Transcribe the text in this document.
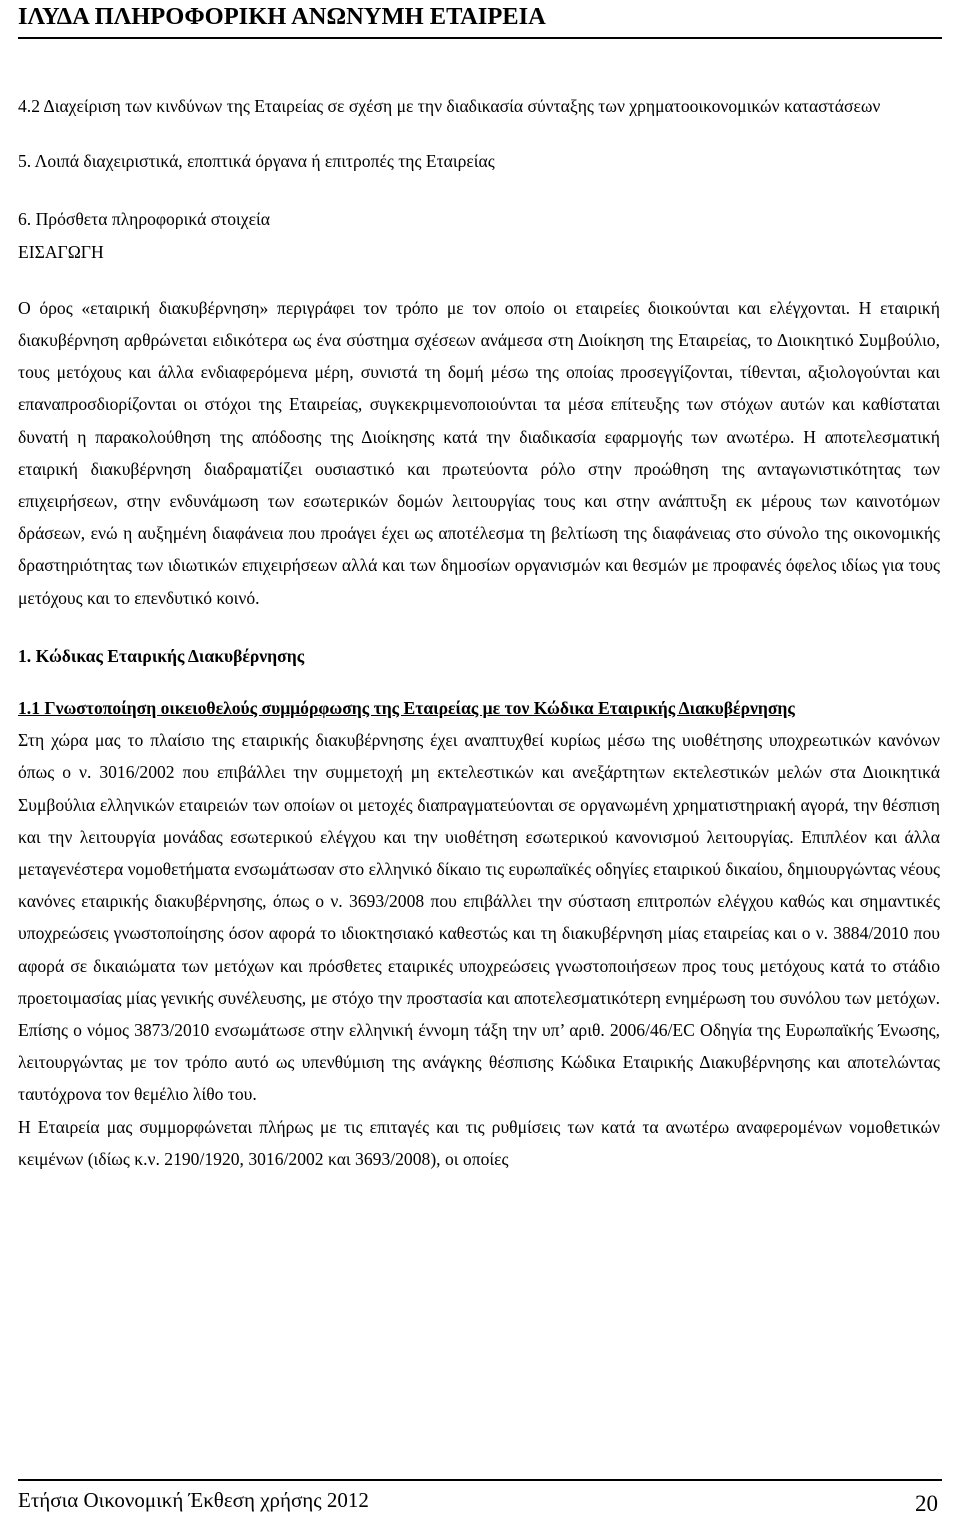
ΙΛΥΔΑ ΠΛΗΡΟΦΟΡΙΚΗ ΑΝΩΝΥΜΗ ΕΤΑΙΡΕΙΑ

4.2 Διαχείριση των κινδύνων της Εταιρείας σε σχέση με την διαδικασία σύνταξης των χρηματοοικονομικών καταστάσεων

5. Λοιπά διαχειριστικά, εποπτικά όργανα ή επιτροπές της Εταιρείας

6. Πρόσθετα πληροφορικά στοιχεία

ΕΙΣΑΓΩΓΗ

Ο όρος «εταιρική διακυβέρνηση» περιγράφει τον τρόπο με τον οποίο οι εταιρείες διοικούνται και ελέγχονται. Η εταιρική διακυβέρνηση αρθρώνεται ειδικότερα ως ένα σύστημα σχέσεων ανάμεσα στη Διοίκηση της Εταιρείας, το Διοικητικό Συμβούλιο, τους μετόχους και άλλα ενδιαφερόμενα μέρη, συνιστά τη δομή μέσω της οποίας προσεγγίζονται, τίθενται, αξιολογούνται και επαναπροσδιορίζονται οι στόχοι της Εταιρείας, συγκεκριμενοποιούνται τα μέσα επίτευξης των στόχων αυτών και καθίσταται δυνατή η παρακολούθηση της απόδοσης της Διοίκησης κατά την διαδικασία εφαρμογής των ανωτέρω. Η αποτελεσματική εταιρική διακυβέρνηση διαδραματίζει ουσιαστικό και πρωτεύοντα ρόλο στην προώθηση της ανταγωνιστικότητας των επιχειρήσεων, στην ενδυνάμωση των εσωτερικών δομών λειτουργίας τους και στην ανάπτυξη εκ μέρους των καινοτόμων δράσεων, ενώ η αυξημένη διαφάνεια που προάγει έχει ως αποτέλεσμα τη βελτίωση της διαφάνειας στο σύνολο της οικονομικής δραστηριότητας των ιδιωτικών επιχειρήσεων αλλά και των δημοσίων οργανισμών και θεσμών με προφανές όφελος ιδίως για τους μετόχους και το επενδυτικό κοινό.

1. Κώδικας Εταιρικής Διακυβέρνησης

1.1 Γνωστοποίηση οικειοθελούς συμμόρφωσης της Εταιρείας με τον Κώδικα Εταιρικής Διακυβέρνησης

Στη χώρα μας το πλαίσιο της εταιρικής διακυβέρνησης έχει αναπτυχθεί κυρίως μέσω της υιοθέτησης υποχρεωτικών κανόνων όπως ο ν. 3016/2002 που επιβάλλει την συμμετοχή μη εκτελεστικών και ανεξάρτητων εκτελεστικών μελών στα Διοικητικά Συμβούλια ελληνικών εταιρειών των οποίων οι μετοχές διαπραγματεύονται σε οργανωμένη χρηματιστηριακή αγορά, την θέσπιση και την λειτουργία μονάδας εσωτερικού ελέγχου και την υιοθέτηση εσωτερικού κανονισμού λειτουργίας. Επιπλέον και άλλα μεταγενέστερα νομοθετήματα ενσωμάτωσαν στο ελληνικό δίκαιο τις ευρωπαϊκές οδηγίες εταιρικού δικαίου, δημιουργώντας νέους κανόνες εταιρικής διακυβέρνησης, όπως ο ν. 3693/2008 που επιβάλλει την σύσταση επιτροπών ελέγχου καθώς και σημαντικές υποχρεώσεις γνωστοποίησης όσον αφορά το ιδιοκτησιακό καθεστώς και τη διακυβέρνηση μίας εταιρείας και ο ν. 3884/2010 που αφορά σε δικαιώματα των μετόχων και πρόσθετες εταιρικές υποχρεώσεις γνωστοποιήσεων προς τους μετόχους κατά το στάδιο προετοιμασίας μίας γενικής συνέλευσης, με στόχο την προστασία και αποτελεσματικότερη ενημέρωση του συνόλου των μετόχων. Επίσης ο νόμος 3873/2010 ενσωμάτωσε στην ελληνική έννομη τάξη την υπ’ αριθ. 2006/46/EC Οδηγία της Ευρωπαϊκής Ένωσης, λειτουργώντας με τον τρόπο αυτό ως υπενθύμιση της ανάγκης θέσπισης Κώδικα Εταιρικής Διακυβέρνησης και αποτελώντας ταυτόχρονα τον θεμέλιο λίθο του.

Η Εταιρεία μας συμμορφώνεται πλήρως με τις επιταγές και τις ρυθμίσεις των κατά τα ανωτέρω αναφερομένων νομοθετικών κειμένων (ιδίως κ.ν. 2190/1920, 3016/2002 και 3693/2008), οι οποίες

Ετήσια Οικονομική Έκθεση χρήσης 2012	20
